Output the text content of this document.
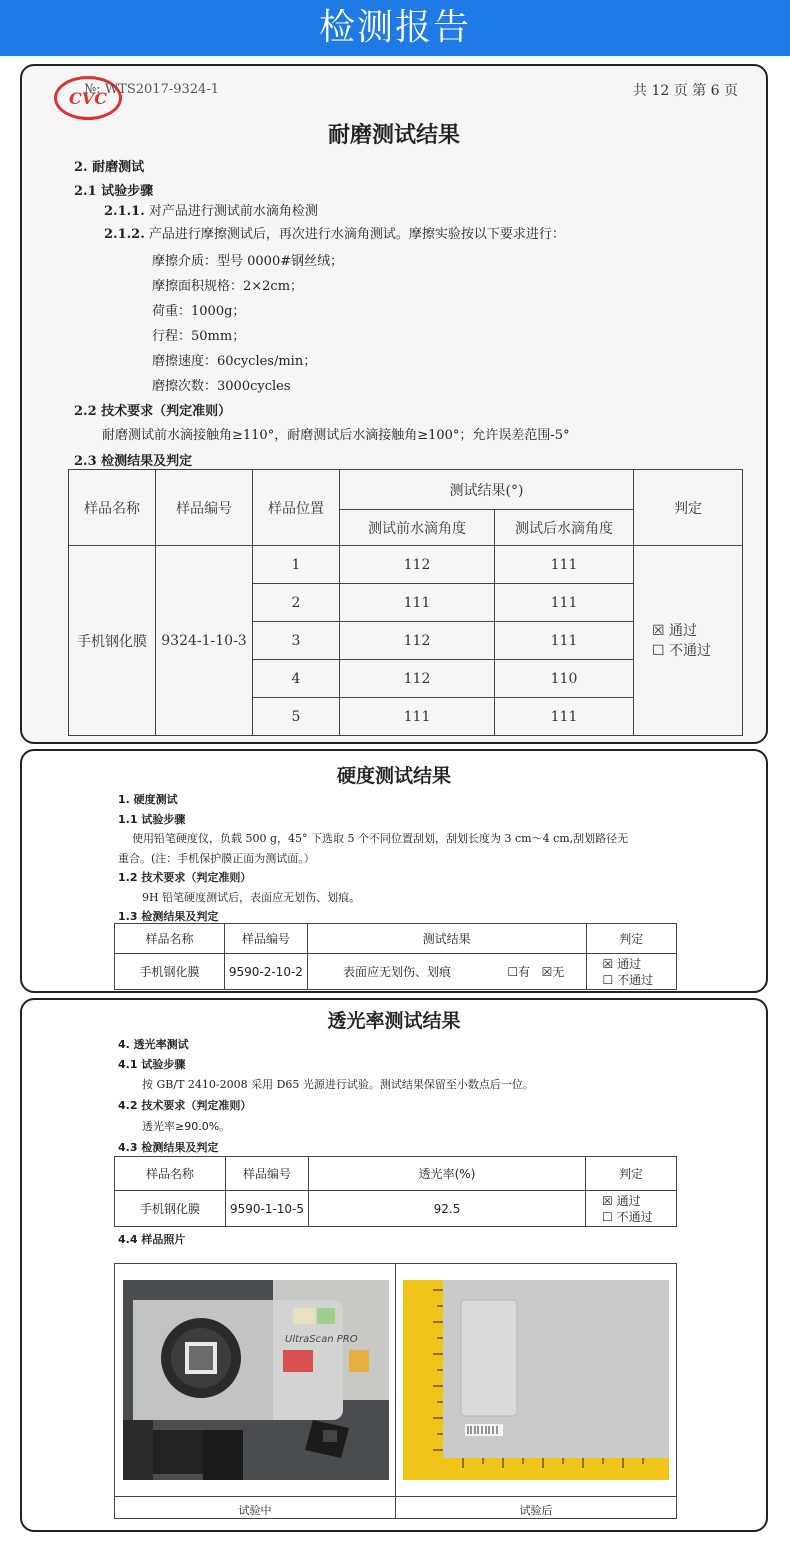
检测报告
CVC
№: WTS2017-9324-1	共 12 页 第 6 页
耐磨测试结果
2. 耐磨测试
2.1 试验步骤
2.1.1. 对产品进行测试前水滴角检测
2.1.2. 产品进行摩擦测试后，再次进行水滴角测试。摩擦实验按以下要求进行：
摩擦介质：型号 0000#钢丝绒；
摩擦面积规格：2×2cm；
荷重：1000g；
行程：50mm；
磨擦速度：60cycles/min；
磨擦次数：3000cycles
2.2 技术要求（判定准则）
耐磨测试前水滴接触角≥110°，耐磨测试后水滴接触角≥100°；允许误差范围-5°
2.3 检测结果及判定
样品名称	样品编号	样品位置	测试结果(°)		判定
			测试前水滴角度	测试后水滴角度	
手机钢化膜	9324-1-10-3	1	112	111	☒ 通过
☐ 不通过

		2	111	111	
		3	112	111	
		4	112	110	
		5	111	111	
硬度测试结果
1. 硬度测试
1.1 试验步骤
使用铅笔硬度仪，负载 500 g，45° 下选取 5 个不同位置刮划，刮划长度为 3 cm～4 cm,刮划路径无
重合。(注：手机保护膜正面为测试面。）
1.2 技术要求（判定准则）
9H 铅笔硬度测试后，表面应无划伤、划痕。
1.3 检测结果及判定
样品名称	样品编号	测试结果		判定
手机钢化膜	9590-2-10-2	表面应无划伤、划痕	☐有 ☒无	☒ 通过
☐ 不通过
透光率测试结果
4. 透光率测试
4.1 试验步骤
按 GB/T 2410-2008 采用 D65 光源进行试验。测试结果保留至小数点后一位。
4.2 技术要求（判定准则）
透光率≥90.0%。
4.3 检测结果及判定
样品名称	样品编号	透光率(%)	判定
手机钢化膜	9590-1-10-5	92.5	☒ 通过
☐ 不通过
4.4 样品照片
UltraScan PRO
试验中	试验后
